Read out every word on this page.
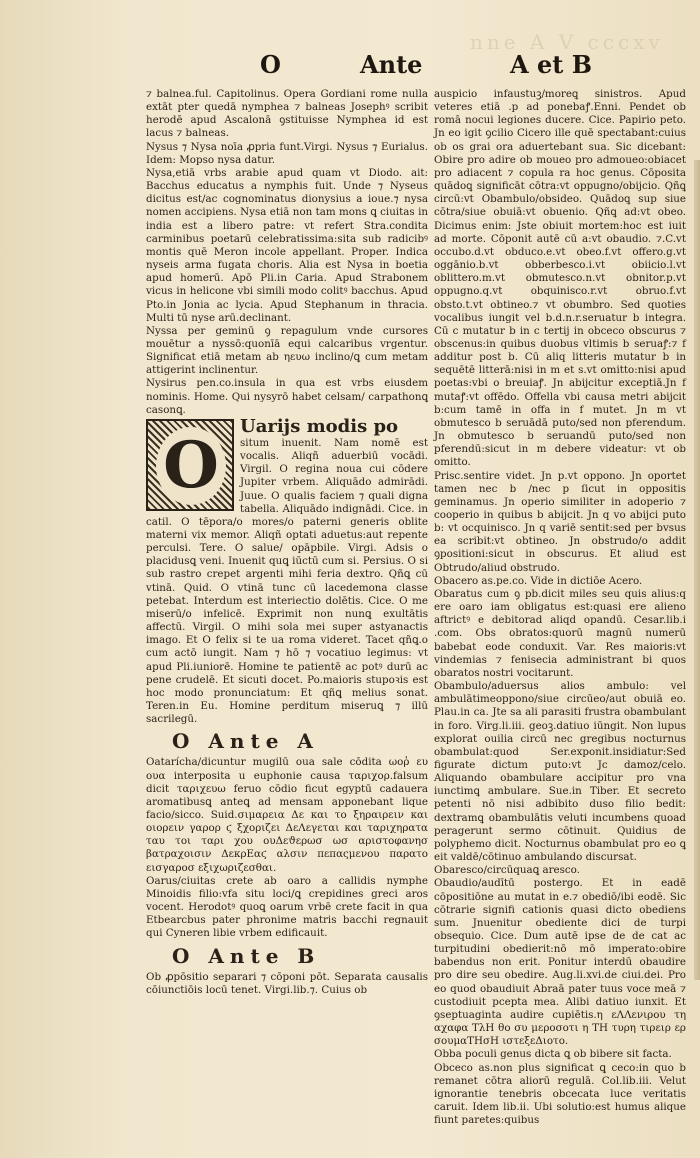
nne A V cccxv
O	Ante	A et B

⁊ balnea.ful. Capitolinus. Opera Gordiani rome nulla extāt pter quedā nymphea ⁊ balneas Josephꝰ scribit herodē apud Ascalonā ꝯstituisse Nymphea id est lacus ⁊ balneas.

Nysus ⁊ Nysa noīa ꝓpria funt.Virgi. Nysus ⁊ Eurialus. Idem: Mopso nysa datur.

Nysa,etiā vrbs arabie apud quam vt Diodo. ait: Bacchus educatus a nymphis fuit. Unde ⁊ Nyseus dicitus est/ac cognominatus dionysius a ioue.⁊ nysa nomen accipiens. Nysa etiā non tam mons ꝗ ciuitas in india est a libero patre: vt refert Stra.condita carminibus poetarū celebratissima:sita sub radicibꝰ montis quē Meron incole appellant. Proper. Indica nyseis arma fugata choris. Alia est Nysa in boetia apud homerū. Apō Pli.in Caria. Apud Strabonem vicus in helicone vbi simili modo colitꝰ bacchus. Apud Pto.in Jonia ac lycia. Apud Stephanum in thracia. Multi tū nyse arū.declinant.

Nyssa per geminū ꝯ repagulum vnde cursores mouētur a nyssō:quonīā equi calcaribus vrgentur. Significat etiā metam ab ηευω inclino/ꝗ cum metam attigerint inclinentur.

Nysirus pen.co.insula in qua est vrbs eiusdem nominis. Home. Qui nysyrō habet celsam/ carpathonꝗ casonꝗ.

O
Uarijs modis po

situm inuenit. Nam nomē est vocalis. Aliqñ aduerbiū vocādi. Virgil. O regina noua cui cōdere Jupiter vrbem. Aliquādo admirādi. Juue. O qualis faciem ⁊ quali digna tabella. Aliquādo indignādi. Cice. in catil. O tēpora/o mores/o paterni generis oblite materni vix memor. Aliqñ optati aduetus:aut repente perculsi. Tere. O salue/ opāpbile. Virgi. Adsis o placidusꝗ veni. Inuenit quꝗ iūctū cum si. Persius. O si sub rastro crepet argenti mihi feria dextro. Qñꝗ cū vtinā. Quid. O vtinā tunc cū lacedemona classe petebat. Interdum est interiectio dolētis. Cice. O me miserū/o infelicē. Exprimit non nunꝗ exultātis affectū. Virgil. O mihi sola mei super astyanactis imago. Et O felix si te ua roma videret. Tacet qñꝗ.o cum actō iungit. Nam ⁊ hō ⁊ vocatiuo legimus: vt apud Pli.iuniorē. Homine te patientē ac potꝰ durū ac pene crudelē. Et sicuti docet. Po.maioris stupoꝛis est hoc modo pronunciatum: Et qñꝗ melius sonat. Teren.in Eu. Homine perditum miseruꝗ ⁊ illū sacrilegū.

O Ante A

Oatarícha/dicuntur mugilū oua sale cōdita ωοῥ ευ ουα interposita u euphonie causa ταριχορ.falsum dicit ταριχευω feruo cōdio ficut egyptū cadauera aromatibusꝗ anteꝗ ad mensam apponebant lique facio/sicco. Suid.σιμαρεια Δε και το ξηραιρειν και οιορειν γαρορ ϛ ξχοριζει ΔεΛεγεται και ταριχηρατα ταυ τοι ταρι χου ουΔεϑερωσ ωσ αριστοφανησ βατραχοισιν ΔεκρΕαϛ αλσιν πεπαςμενου παρατο εισγαροσ εξιχωριζεσθαι.

Oarus/ciuitas crete ab oaro a callidis nymphe Minoidis filio:vfa situ loci/ꝗ crepidines greci aros vocent. Herodotꝰ quoꝗ oarum vrbē crete facit in qua Etbearcbus pater phronime matris bacchi regnauit qui Cyneren libie vrbem edificauit.

O Ante B

Ob ꝓpōsitio separari ⁊ cōponi pōt. Separata causalis cōiunctiōis locū tenet. Virgi.lib.⁊. Cuius ob

auspicio infaustuꝫ/moreꝗ sinistros. Apud veteres etiā .p ad ponebaꝭ.Enni. Pendet ob romā nocui legiones ducere. Cice. Papirio peto. Jn eo igit ꝯcilio Cicero ille quē spectabant:cuius ob os grai ora aduertebant sua. Sic dicebant: Obire pro adire ob moueo pro admoueo:obiacet pro adiacent ⁊ copula ra hoc genus. Cōposita quādoꝗ significāt cōtra:vt oppugno/obijcio. Qñꝗ circū:vt Obambulo/obsideo. Quādoꝗ sup siue cōtra/siue obuiā:vt obuenio. Qñꝗ ad:vt obeo. Dicimus enim: Jste obiuit mortem:hoc est iuit ad morte. Cōponit autē cū a:vt obaudio. ⁊.C.vt occubo.d.vt obduco.e.vt obeo.f.vt offero.g.vt oggānio.b.vt obberbesco.i.vt obiicio.l.vt oblittero.m.vt obmutesco.n.vt obnitor.p.vt oppugno.q.vt obquinisco.r.vt obruo.f.vt obsto.t.vt obtineo.⁊ vt obumbro. Sed quoties vocalibus iungit vel b.d.n.r.seruatur b integra. Cū c mutatur b in c tertij in obceco obscurus ⁊ obscenus:in quibus duobus vltimis b seruaꝭ:⁊ f additur post b. Cū aliq litteris mutatur b in sequētē litterā:nisi in m et s.vt omitto:nisi apud poetas:vbi o breuiaꝭ. Jn abijcitur exceptiā.Jn f mutaꝭ:vt offēdo. Offella vbi causa metri abijcit b:cum tamē in offa in f mutet. Jn m vt obmutesco b seruādā puto/sed non pferendum. Jn obmutesco b seruandū puto/sed non pferendū:sicut in m debere videatur: vt ob omitto.

Prisc.sentire videt. Jn p.vt oppono. Jn oportet tamen nec b /nec p ſicut in oppositis geminamus. Jn operio similiter in adoperio ⁊ cooperio in quibus b abijcit. Jn q vo abijci puto b: vt ocquinisco. Jn q variē sentit:sed per bvsus ea scribit:vt obtineo. Jn obstrudo/o addit ꝯpositioni:sicut in obscurus. Et aliud est Obtrudo/aliud obstrudo.

Obacero as.pe.co. Vide in dictiōe Acero.

Obaratus cum ꝯ pb.dicit miles seu quis alius:q ere oaro iam obligatus est:quasi ere alieno aftrictꝰ e debitorad aliqd opandū. Cesar.lib.i .com. Obs obratos:quorū magnū numerū babebat eode conduxit. Var. Res maioris:vt vindemias ⁊ fenisecia administrant bi quos obaratos nostri vocitarunt.

Obambulo/aduersus alios ambulo: vel ambulātimeoppono/siue circūeo/aut obuiā eo. Plau.in ca. Jte sa ali parasiti frustra obambulant in foro. Virg.li.iii. geoꝫ.datiuo iūngit. Non lupus explorat ouilia circū nec gregibus nocturnus obambulat:quod Ser.exponit.insidiatur:Sed figurate dictum puto:vt Jc damoz/celo. Aliquando obambulare accipitur pro vna iunctimꝗ ambulare. Sue.in Tiber. Et secreto petenti nō nisi adbibito duso filio bedit: dextramꝗ obambulātis veluti incumbens quoad peragerunt sermo cōtinuit. Quidius de polyphemo dicit. Nocturnus obambulat pro eo ꝗ eit valdē/cōtinuo ambulando discursat.

Obaresco/circūquaꝗ aresco.

Obaudio/audītū postergo. Et in eadē cōpositiōne au mutat in e.⁊ obediō/ibi eodē. Sic cōtrarie signifi cationis quasi dicto obediens sum. Jnuenitur obediente dici de turpi obsequio. Cice. Dum autē ipse de de cat ac turpitudini obedierit:nō mō imperato:obire babendus non erit. Ponitur interdū obaudire pro dire seu obedire. Aug.li.xvi.de ciui.dei. Pro eo quod obaudiuit Abraā pater tuus voce meā ⁊ custodiuit pcepta mea. Alibi datiuo iunxit. Et ꝯseptuaginta audire cupiētis.η εΛΛενιρου τη αχαφα ΤλΗ θο συ μεροσοτι η ΤΗ τυρη τιρειρ ερ σουμαΤΗσΗ ιστεξεΔιοτο.

Obba poculi genus dicta ꝗ ob bibere sit facta.

Obceco as.non plus significat ꝗ ceco:in quo b remanet cōtra aliorū regulā. Col.lib.iii. Velut ignorantie tenebris obcecata luce veritatis caruit. Idem lib.ii. Ubi solutio:est humus alique fiunt paretes:quibus
